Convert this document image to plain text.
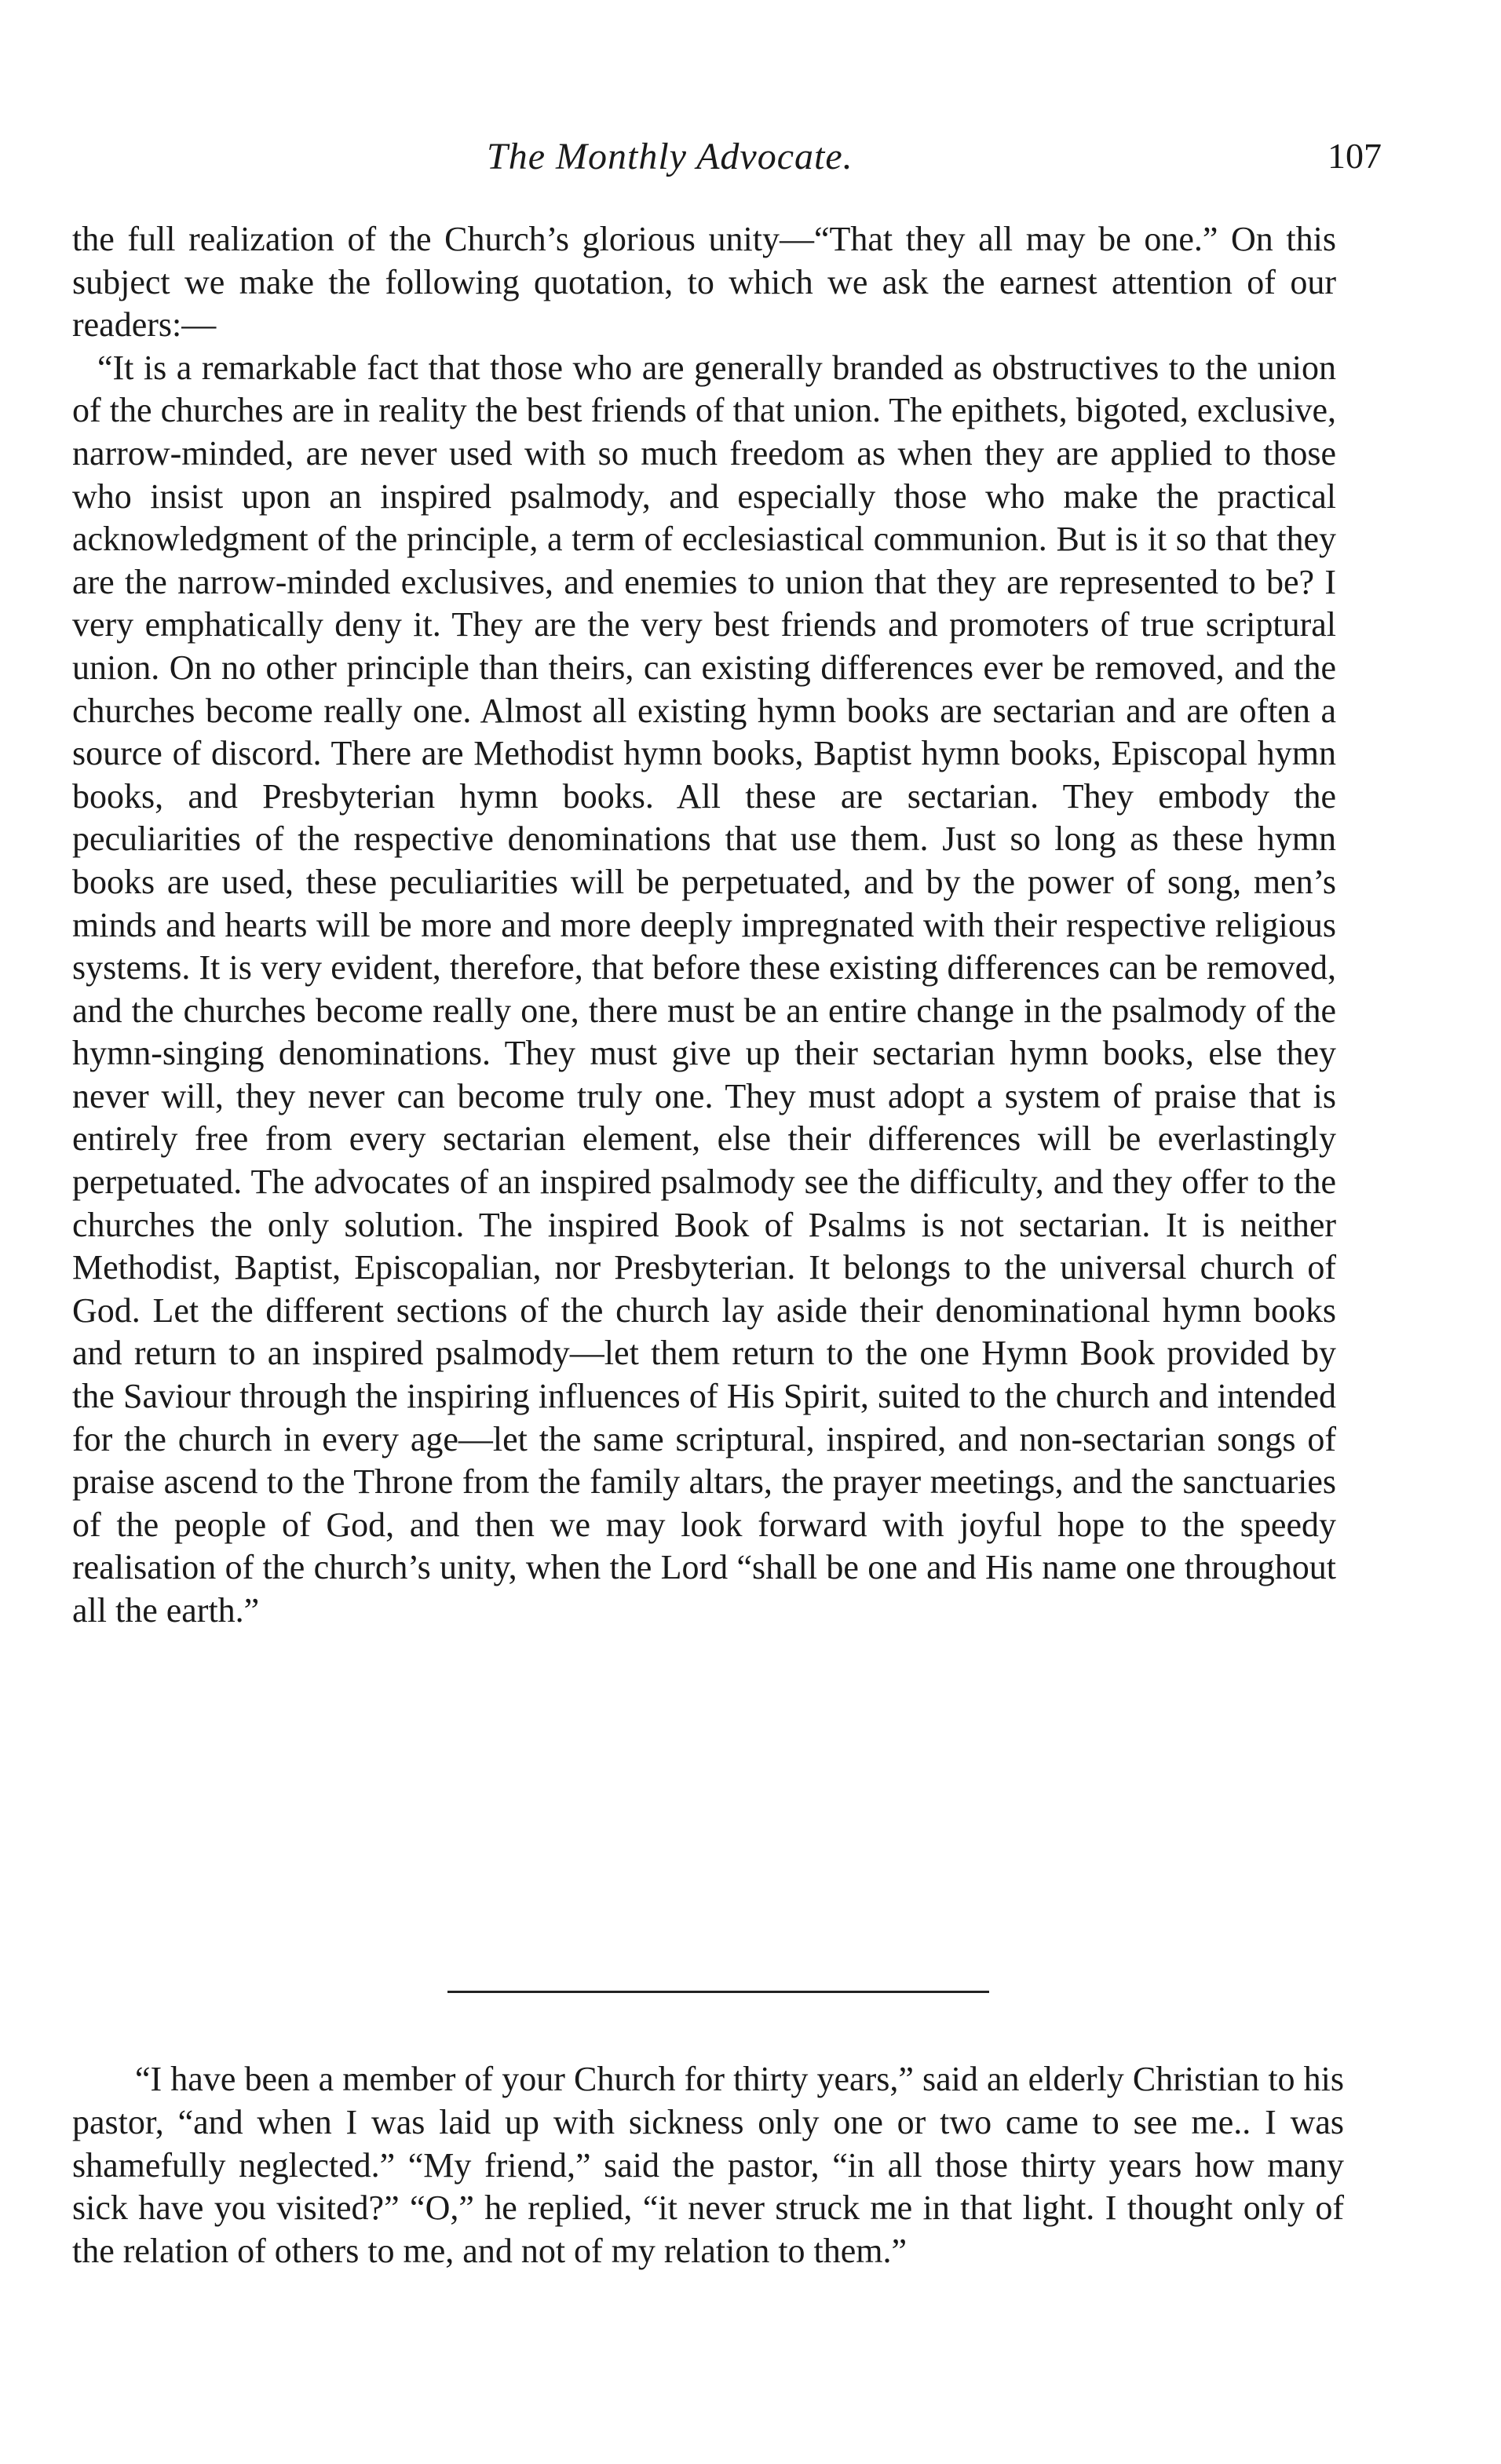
The Monthly Advocate.	107

the full realization of the Church’s glorious unity—“That they all may be one.” On this subject we make the following quotation, to which we ask the earnest attention of our readers:—

“It is a remarkable fact that those who are generally branded as obstructives to the union of the churches are in reality the best friends of that union. The epithets, bigoted, exclusive, narrow-minded, are never used with so much freedom as when they are applied to those who insist upon an inspired psalmody, and especially those who make the practical acknowledgment of the principle, a term of ecclesiastical communion. But is it so that they are the narrow-minded exclusives, and enemies to union that they are represented to be? I very emphatically deny it. They are the very best friends and promoters of true scriptural union. On no other principle than theirs, can existing differences ever be removed, and the churches become really one. Almost all existing hymn books are sectarian and are often a source of discord. There are Methodist hymn books, Baptist hymn books, Episcopal hymn books, and Presbyterian hymn books. All these are sectarian. They embody the peculiarities of the respective denominations that use them. Just so long as these hymn books are used, these peculiarities will be perpetuated, and by the power of song, men’s minds and hearts will be more and more deeply impregnated with their respective religious systems. It is very evident, therefore, that before these existing differences can be removed, and the churches become really one, there must be an entire change in the psalmody of the hymn-singing denominations. They must give up their sectarian hymn books, else they never will, they never can become truly one. They must adopt a system of praise that is entirely free from every sectarian element, else their differences will be everlastingly perpetuated. The advocates of an inspired psalmody see the difficulty, and they offer to the churches the only solution. The inspired Book of Psalms is not sectarian. It is neither Methodist, Baptist, Episcopalian, nor Presbyterian. It belongs to the universal church of God. Let the different sections of the church lay aside their denominational hymn books and return to an inspired psalmody—let them return to the one Hymn Book provided by the Saviour through the inspiring influences of His Spirit, suited to the church and intended for the church in every age—let the same scriptural, inspired, and non-sectarian songs of praise ascend to the Throne from the family altars, the prayer meetings, and the sanctuaries of the people of God, and then we may look forward with joyful hope to the speedy realisation of the church’s unity, when the Lord “shall be one and His name one throughout all the earth.”

“I have been a member of your Church for thirty years,” said an elderly Christian to his pastor, “and when I was laid up with sickness only one or two came to see me.. I was shamefully neglected.” “My friend,” said the pastor, “in all those thirty years how many sick have you visited?” “O,” he replied, “it never struck me in that light. I thought only of the relation of others to me, and not of my relation to them.”
